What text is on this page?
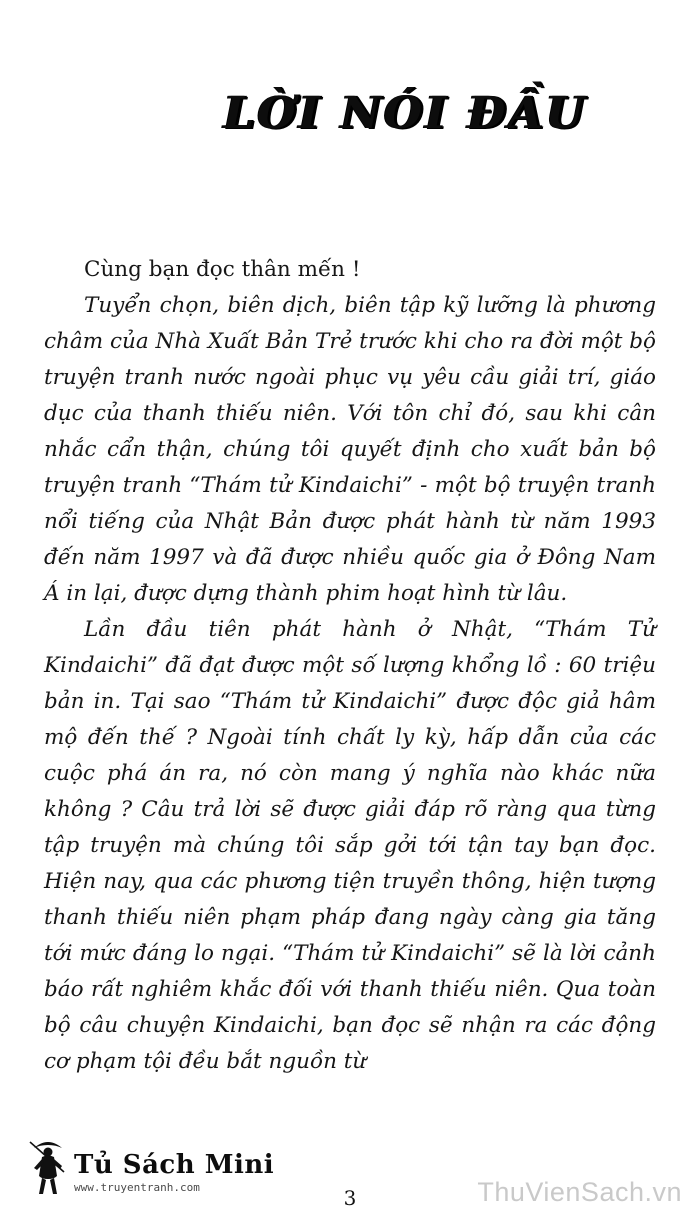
LỜI NÓI ĐẦU

Cùng bạn đọc thân mến !

Tuyển chọn, biên dịch, biên tập kỹ lưỡng là phương châm của Nhà Xuất Bản Trẻ trước khi cho ra đời một bộ truyện tranh nước ngoài phục vụ yêu cầu giải trí, giáo dục của thanh thiếu niên. Với tôn chỉ đó, sau khi cân nhắc cẩn thận, chúng tôi quyết định cho xuất bản bộ truyện tranh “Thám tử Kindaichi” - một bộ truyện tranh nổi tiếng của Nhật Bản được phát hành từ năm 1993 đến năm 1997 và đã được nhiều quốc gia ở Đông Nam Á in lại, được dựng thành phim hoạt hình từ lâu.

Lần đầu tiên phát hành ở Nhật, “Thám Tử Kindaichi” đã đạt được một số lượng khổng lồ : 60 triệu bản in. Tại sao “Thám tử Kindaichi” được độc giả hâm mộ đến thế ? Ngoài tính chất ly kỳ, hấp dẫn của các cuộc phá án ra, nó còn mang ý nghĩa nào khác nữa không ? Câu trả lời sẽ được giải đáp rõ ràng qua từng tập truyện mà chúng tôi sắp gởi tới tận tay bạn đọc. Hiện nay, qua các phương tiện truyền thông, hiện tượng thanh thiếu niên phạm pháp đang ngày càng gia tăng tới mức đáng lo ngại. “Thám tử Kindaichi” sẽ là lời cảnh báo rất nghiêm khắc đối với thanh thiếu niên. Qua toàn bộ câu chuyện Kindaichi, bạn đọc sẽ nhận ra các động cơ phạm tội đều bắt nguồn từ

Tủ Sách Mini
www.truyentranh.com	3	ThuVienSach.vn
